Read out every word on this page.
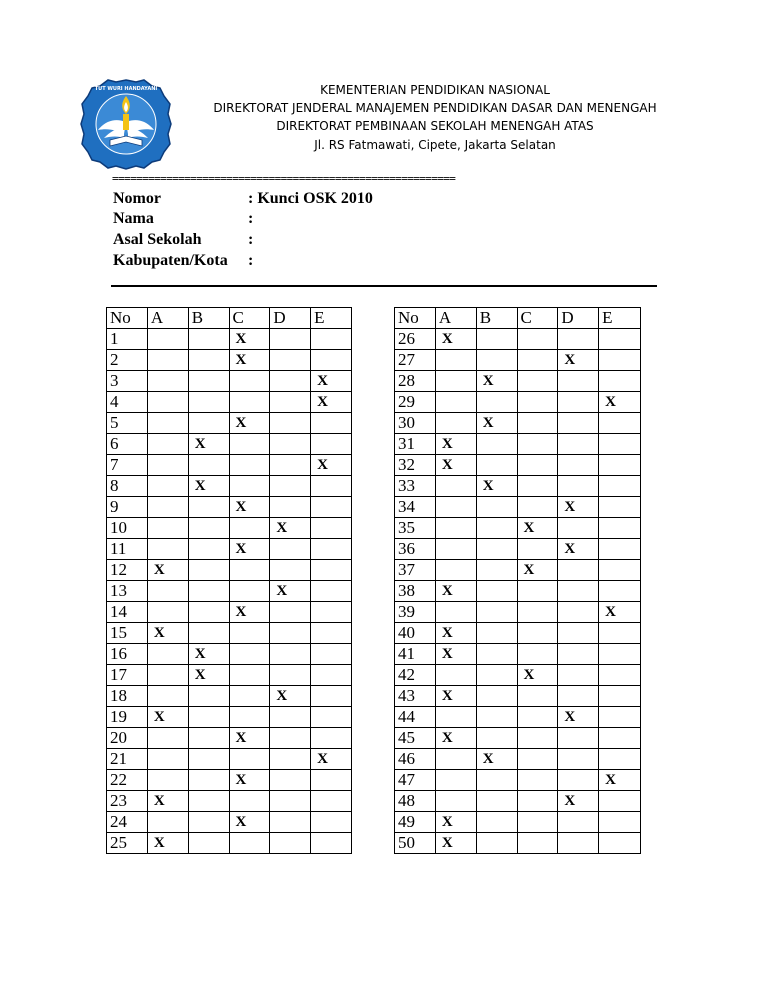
TUT WURI HANDAYANI	KEMENTERIAN PENDIDIKAN NASIONAL
DIREKTORAT JENDERAL MANAJEMEN PENDIDIKAN DASAR DAN MENENGAH
DIREKTORAT PEMBINAAN SEKOLAH MENENGAH ATAS
Jl. RS Fatmawati, Cipete, Jakarta Selatan
=========================================================
Nomor	: Kunci OSK 2010
Nama	:
Asal Sekolah	:
Kabupaten/Kota :
No	A	B	C	D	E
1			X		
2			X		
3					X
4					X
5			X		
6		X			
7					X
8		X			
9			X		
10				X	
11			X		
12	X				
13				X	
14			X		
15	X				
16		X			
17		X			
18				X	
19	X				
20			X		
21					X
22			X		
23	X				
24			X		
25	X				
No	A	B	C	D	E
26	X				
27				X	
28		X			
29					X
30		X			
31	X				
32	X				
33		X			
34				X	
35			X		
36				X	
37			X		
38	X				
39					X
40	X				
41	X				
42			X		
43	X				
44				X	
45	X				
46		X			
47					X
48				X	
49	X				
50	X				
